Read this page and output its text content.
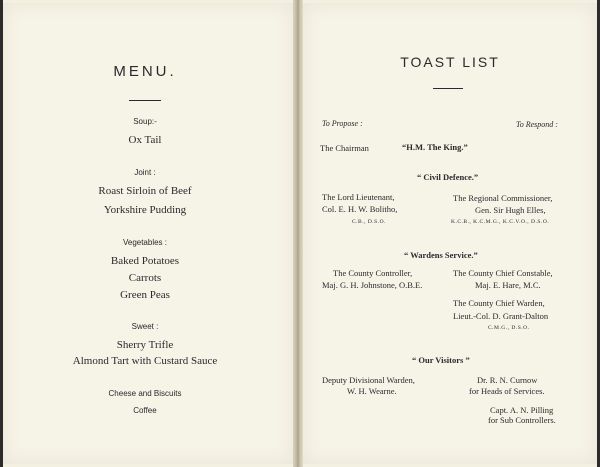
MENU.
Soup:-
Ox Tail
Joint :
Roast Sirloin of Beef
Yorkshire Pudding
Vegetables :
Baked Potatoes
Carrots
Green Peas
Sweet :
Sherry Trifle
Almond Tart with Custard Sauce
Cheese and Biscuits
Coffee
TOAST LIST
To Propose :	To Respond :
The Chairman	“H.M. The King.”
“ Civil Defence.”
The Lord Lieutenant,
Col. E. H. W. Bolitho,
C.B., D.S.O.
The Regional Commissioner,
Gen. Sir Hugh Elles,
K.C.B., K.C.M.G., K.C.V.O., D.S.O.
“ Wardens Service.”
The County Controller,
Maj. G. H. Johnstone, O.B.E.
The County Chief Constable,
Maj. E. Hare, M.C.
The County Chief Warden,
Lieut.-Col. D. Grant-Dalton
C.M.G., D.S.O.
“ Our Visitors ”
Deputy Divisional Warden,
W. H. Wearne.
Dr. R. N. Curnow
for Heads of Services.
Capt. A. N. Pilling
for Sub Controllers.
